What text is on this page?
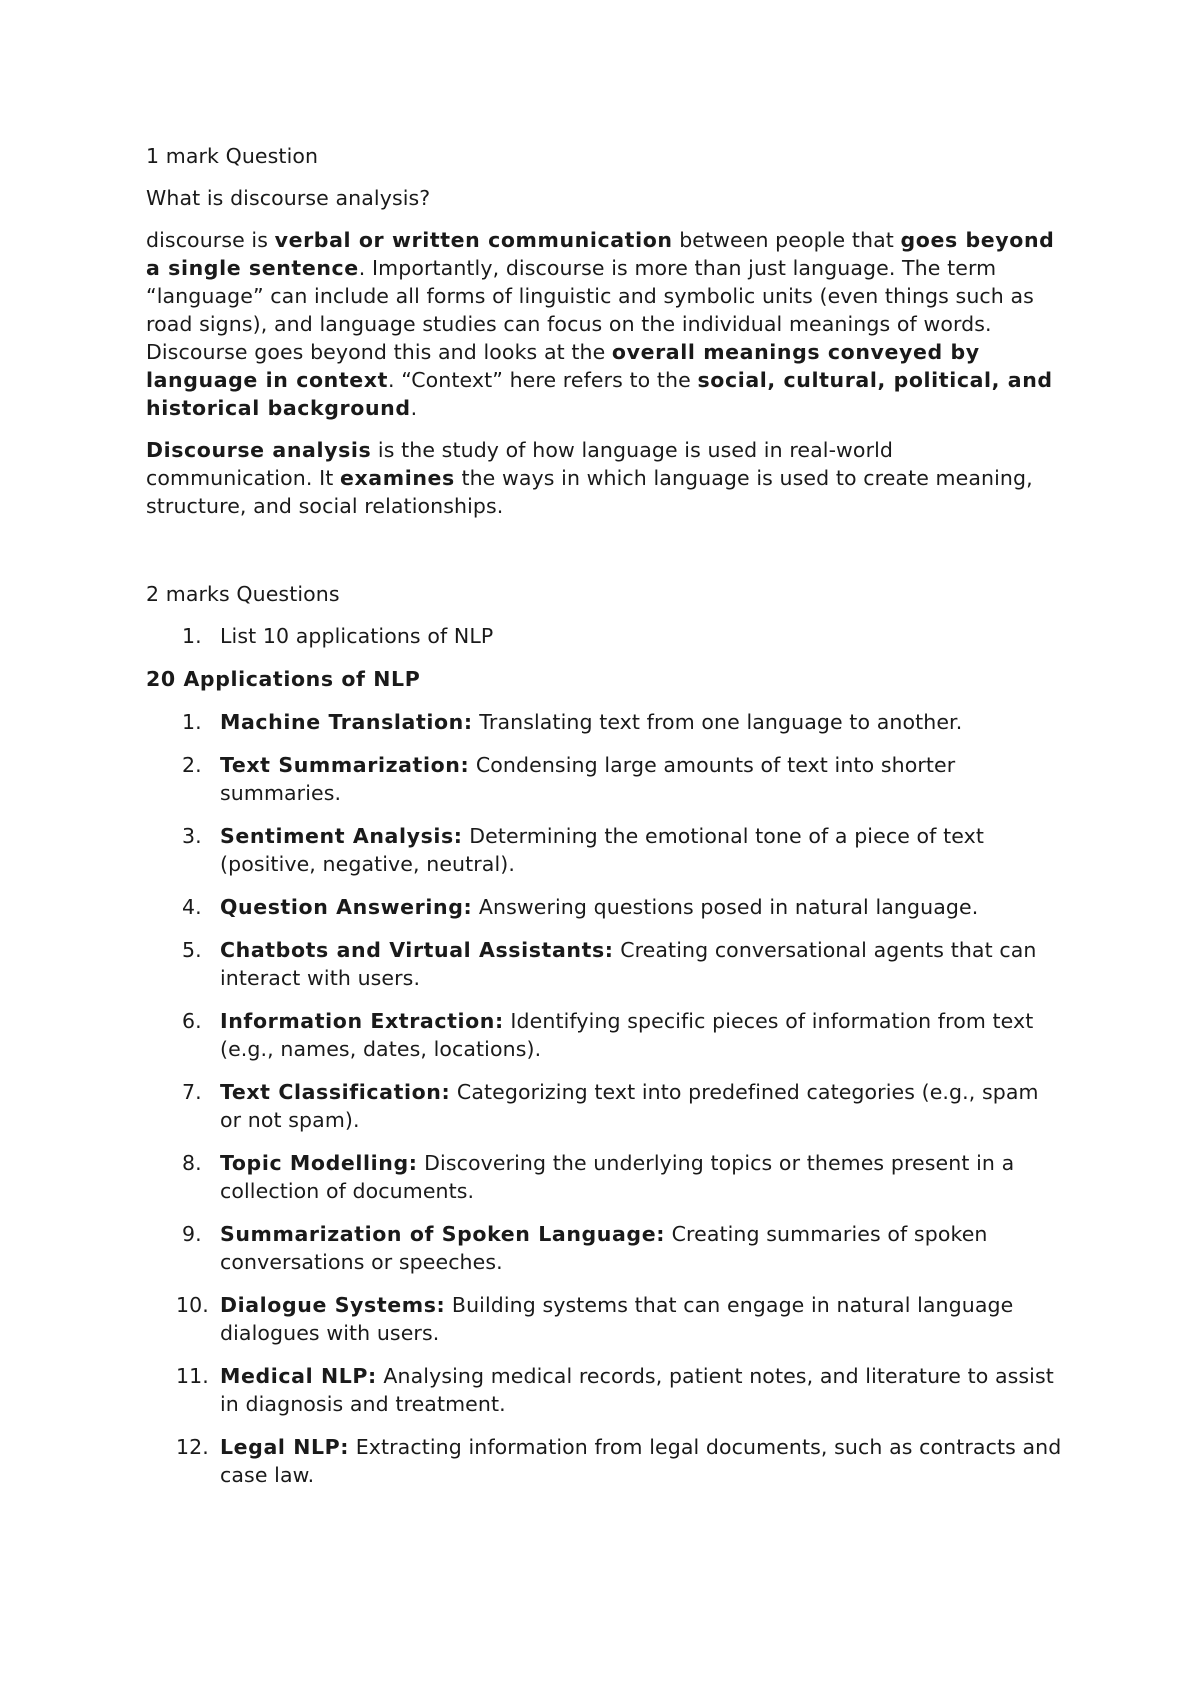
1 mark Question

What is discourse analysis?

discourse is verbal or written communication between people that goes beyond a single sentence. Importantly, discourse is more than just language. The term “language” can include all forms of linguistic and symbolic units (even things such as road signs), and language studies can focus on the individual meanings of words. Discourse goes beyond this and looks at the overall meanings conveyed by language in context. “Context” here refers to the social, cultural, political, and historical background.

Discourse analysis is the study of how language is used in real-world communication. It examines the ways in which language is used to create meaning, structure, and social relationships.

2 marks Questions

1. List 10 applications of NLP

20 Applications of NLP

1. Machine Translation: Translating text from one language to another.
2. Text Summarization: Condensing large amounts of text into shorter summaries.
3. Sentiment Analysis: Determining the emotional tone of a piece of text (positive, negative, neutral).
4. Question Answering: Answering questions posed in natural language.
5. Chatbots and Virtual Assistants: Creating conversational agents that can interact with users.
6. Information Extraction: Identifying specific pieces of information from text (e.g., names, dates, locations).
7. Text Classification: Categorizing text into predefined categories (e.g., spam or not spam).
8. Topic Modelling: Discovering the underlying topics or themes present in a collection of documents.
9. Summarization of Spoken Language: Creating summaries of spoken conversations or speeches.
10. Dialogue Systems: Building systems that can engage in natural language dialogues with users.
11. Medical NLP: Analysing medical records, patient notes, and literature to assist in diagnosis and treatment.
12. Legal NLP: Extracting information from legal documents, such as contracts and case law.
